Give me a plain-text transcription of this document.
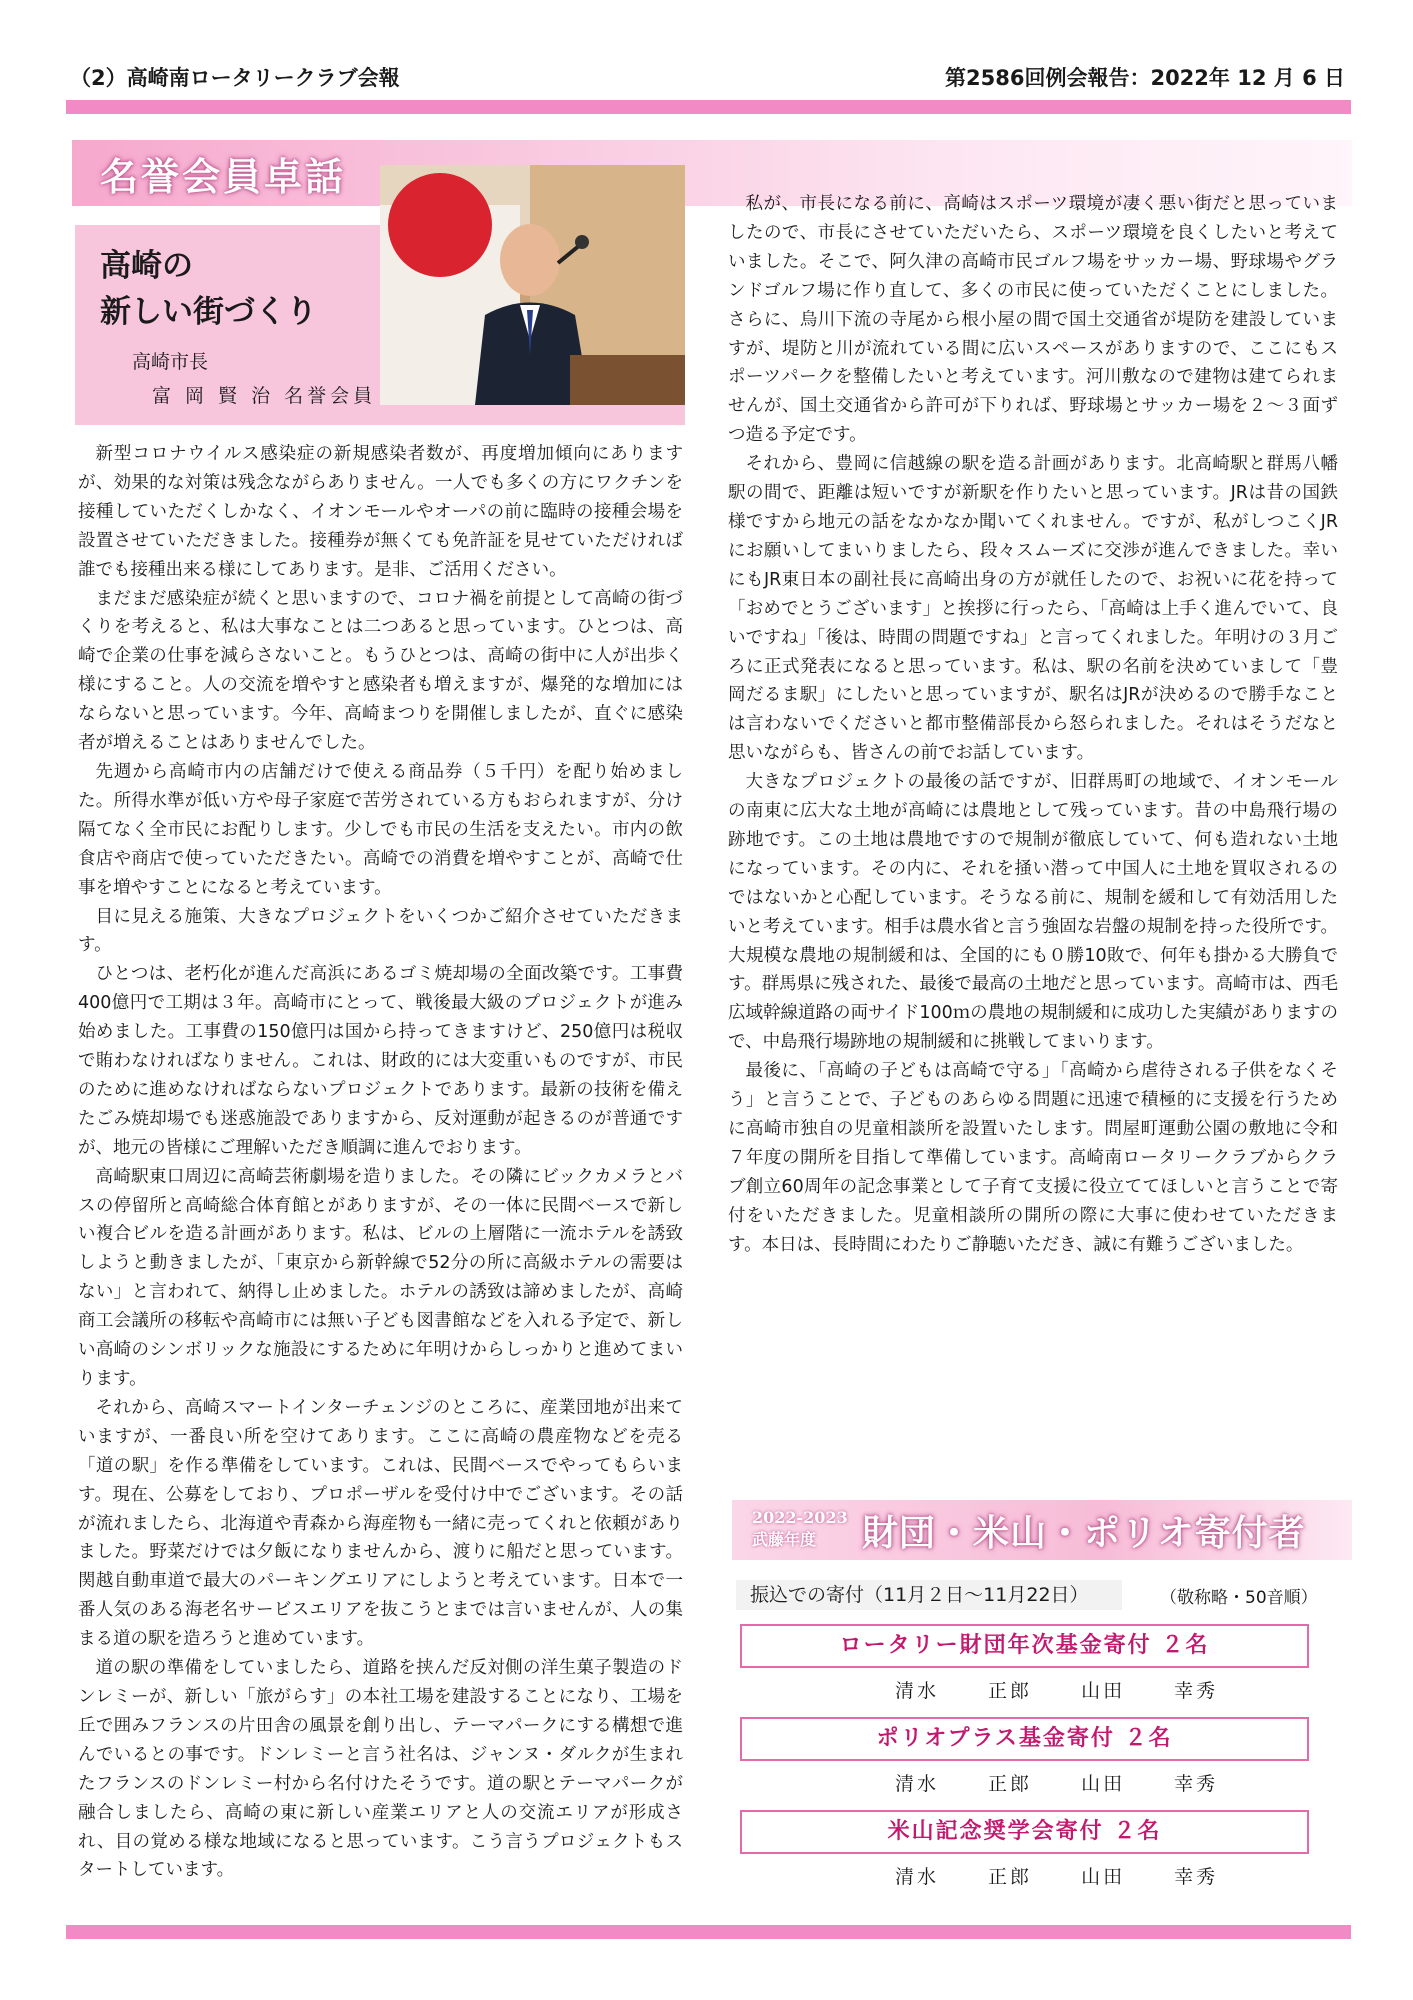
（2）高崎南ロータリークラブ会報	第2586回例会報告：2022年 12 月 6 日
名誉会員卓話
高崎の
新しい街づくり
高崎市長
富 岡 賢 治 名誉会員

新型コロナウイルス感染症の新規感染者数が、再度増加傾向にありますが、効果的な対策は残念ながらありません。一人でも多くの方にワクチンを接種していただくしかなく、イオンモールやオーパの前に臨時の接種会場を設置させていただきました。接種券が無くても免許証を見せていただければ誰でも接種出来る様にしてあります。是非、ご活用ください。

まだまだ感染症が続くと思いますので、コロナ禍を前提として高崎の街づくりを考えると、私は大事なことは二つあると思っています。ひとつは、高崎で企業の仕事を減らさないこと。もうひとつは、高崎の街中に人が出歩く様にすること。人の交流を増やすと感染者も増えますが、爆発的な増加にはならないと思っています。今年、高崎まつりを開催しましたが、直ぐに感染者が増えることはありませんでした。

先週から高崎市内の店舗だけで使える商品券（５千円）を配り始めました。所得水準が低い方や母子家庭で苦労されている方もおられますが、分け隔てなく全市民にお配りします。少しでも市民の生活を支えたい。市内の飲食店や商店で使っていただきたい。高崎での消費を増やすことが、高崎で仕事を増やすことになると考えています。

目に見える施策、大きなプロジェクトをいくつかご紹介させていただきます。

ひとつは、老朽化が進んだ高浜にあるゴミ焼却場の全面改築です。工事費400億円で工期は３年。高崎市にとって、戦後最大級のプロジェクトが進み始めました。工事費の150億円は国から持ってきますけど、250億円は税収で賄わなければなりません。これは、財政的には大変重いものですが、市民のために進めなければならないプロジェクトであります。最新の技術を備えたごみ焼却場でも迷惑施設でありますから、反対運動が起きるのが普通ですが、地元の皆様にご理解いただき順調に進んでおります。

高崎駅東口周辺に高崎芸術劇場を造りました。その隣にビックカメラとバスの停留所と高崎総合体育館とがありますが、その一体に民間ベースで新しい複合ビルを造る計画があります。私は、ビルの上層階に一流ホテルを誘致しようと動きましたが、「東京から新幹線で52分の所に高級ホテルの需要はない」と言われて、納得し止めました。ホテルの誘致は諦めましたが、高崎商工会議所の移転や高崎市には無い子ども図書館などを入れる予定で、新しい高崎のシンボリックな施設にするために年明けからしっかりと進めてまいります。

それから、高崎スマートインターチェンジのところに、産業団地が出来ていますが、一番良い所を空けてあります。ここに高崎の農産物などを売る「道の駅」を作る準備をしています。これは、民間ベースでやってもらいます。現在、公募をしており、プロポーザルを受付け中でございます。その話が流れましたら、北海道や青森から海産物も一緒に売ってくれと依頼がありました。野菜だけでは夕飯になりませんから、渡りに船だと思っています。関越自動車道で最大のパーキングエリアにしようと考えています。日本で一番人気のある海老名サービスエリアを抜こうとまでは言いませんが、人の集まる道の駅を造ろうと進めています。

道の駅の準備をしていましたら、道路を挟んだ反対側の洋生菓子製造のドンレミーが、新しい「旅がらす」の本社工場を建設することになり、工場を丘で囲みフランスの片田舎の風景を創り出し、テーマパークにする構想で進んでいるとの事です。ドンレミーと言う社名は、ジャンヌ・ダルクが生まれたフランスのドンレミー村から名付けたそうです。道の駅とテーマパークが融合しましたら、高崎の東に新しい産業エリアと人の交流エリアが形成され、目の覚める様な地域になると思っています。こう言うプロジェクトもスタートしています。

私が、市長になる前に、高崎はスポーツ環境が凄く悪い街だと思っていましたので、市長にさせていただいたら、スポーツ環境を良くしたいと考えていました。そこで、阿久津の高崎市民ゴルフ場をサッカー場、野球場やグランドゴルフ場に作り直して、多くの市民に使っていただくことにしました。さらに、烏川下流の寺尾から根小屋の間で国土交通省が堤防を建設していますが、堤防と川が流れている間に広いスペースがありますので、ここにもスポーツパークを整備したいと考えています。河川敷なので建物は建てられませんが、国土交通省から許可が下りれば、野球場とサッカー場を２～３面ずつ造る予定です。

それから、豊岡に信越線の駅を造る計画があります。北高崎駅と群馬八幡駅の間で、距離は短いですが新駅を作りたいと思っています。JRは昔の国鉄様ですから地元の話をなかなか聞いてくれません。ですが、私がしつこくJRにお願いしてまいりましたら、段々スムーズに交渉が進んできました。幸いにもJR東日本の副社長に高崎出身の方が就任したので、お祝いに花を持って「おめでとうございます」と挨拶に行ったら、「高崎は上手く進んでいて、良いですね」「後は、時間の問題ですね」と言ってくれました。年明けの３月ごろに正式発表になると思っています。私は、駅の名前を決めていまして「豊岡だるま駅」にしたいと思っていますが、駅名はJRが決めるので勝手なことは言わないでくださいと都市整備部長から怒られました。それはそうだなと思いながらも、皆さんの前でお話しています。

大きなプロジェクトの最後の話ですが、旧群馬町の地域で、イオンモールの南東に広大な土地が高崎には農地として残っています。昔の中島飛行場の跡地です。この土地は農地ですので規制が徹底していて、何も造れない土地になっています。その内に、それを掻い潜って中国人に土地を買収されるのではないかと心配しています。そうなる前に、規制を緩和して有効活用したいと考えています。相手は農水省と言う強固な岩盤の規制を持った役所です。大規模な農地の規制緩和は、全国的にも０勝10敗で、何年も掛かる大勝負です。群馬県に残された、最後で最高の土地だと思っています。高崎市は、西毛広域幹線道路の両サイド100ｍの農地の規制緩和に成功した実績がありますので、中島飛行場跡地の規制緩和に挑戦してまいります。

最後に、「高崎の子どもは高崎で守る」「高崎から虐待される子供をなくそう」と言うことで、子どものあらゆる問題に迅速で積極的に支援を行うために高崎市独自の児童相談所を設置いたします。問屋町運動公園の敷地に令和７年度の開所を目指して準備しています。高崎南ロータリークラブからクラブ創立60周年の記念事業として子育て支援に役立ててほしいと言うことで寄付をいただきました。児童相談所の開所の際に大事に使わせていただきます。本日は、長時間にわたりご静聴いただき、誠に有難うございました。

2022-2023
武藤年度	財団・米山・ポリオ寄付者
振込での寄付（11月２日～11月22日）	（敬称略・50音順）
ロータリー財団年次基金寄付 ２名
清水 正郎 山田 幸秀
ポリオプラス基金寄付 ２名
清水 正郎 山田 幸秀
米山記念奨学会寄付 ２名
清水 正郎 山田 幸秀
